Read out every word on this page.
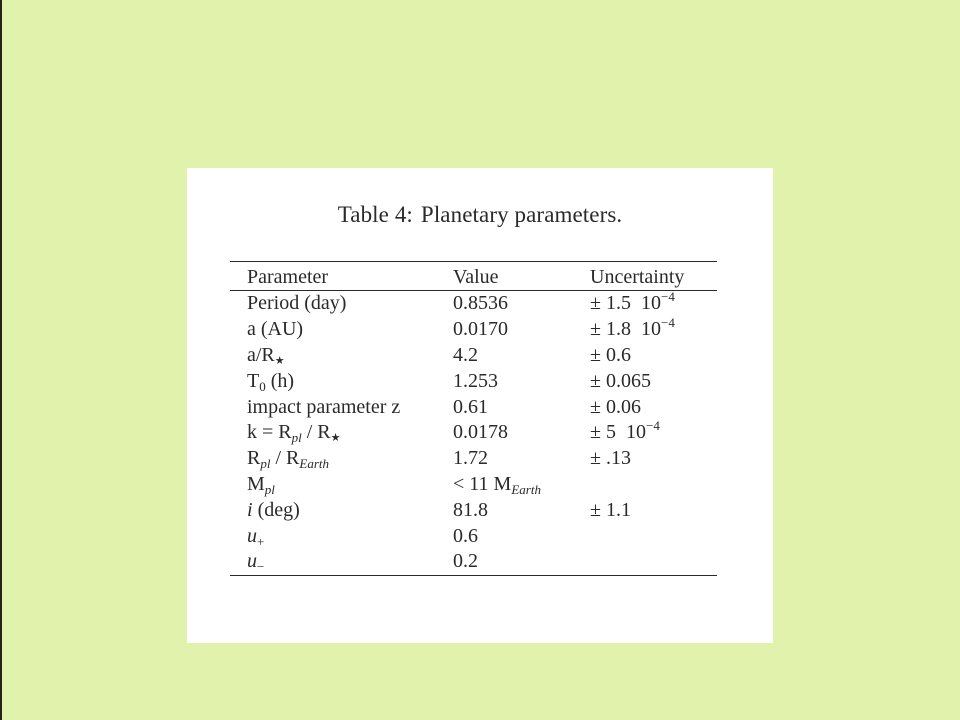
Table 4: Planetary parameters.
Parameter	Value	Uncertainty
Period (day)	0.8536	± 1.5 $10^{-4}$
a (AU)	0.0170	± 1.8 $10^{-4}$
a/R★	4.2	± 0.6
$T_0$ (h)	1.253	± 0.065
impact parameter z	0.61	± 0.06
$k = R_{pl}$ / R★	0.0178	± 5 $10^{-4}$
$R_{pl} / R_{Earth}$	1.72	± .13
$M_{pl}$	< 11 $M_{Earth}$	
i (deg)	81.8	± 1.1
$u_+$	0.6	
$u_-$	0.2	
